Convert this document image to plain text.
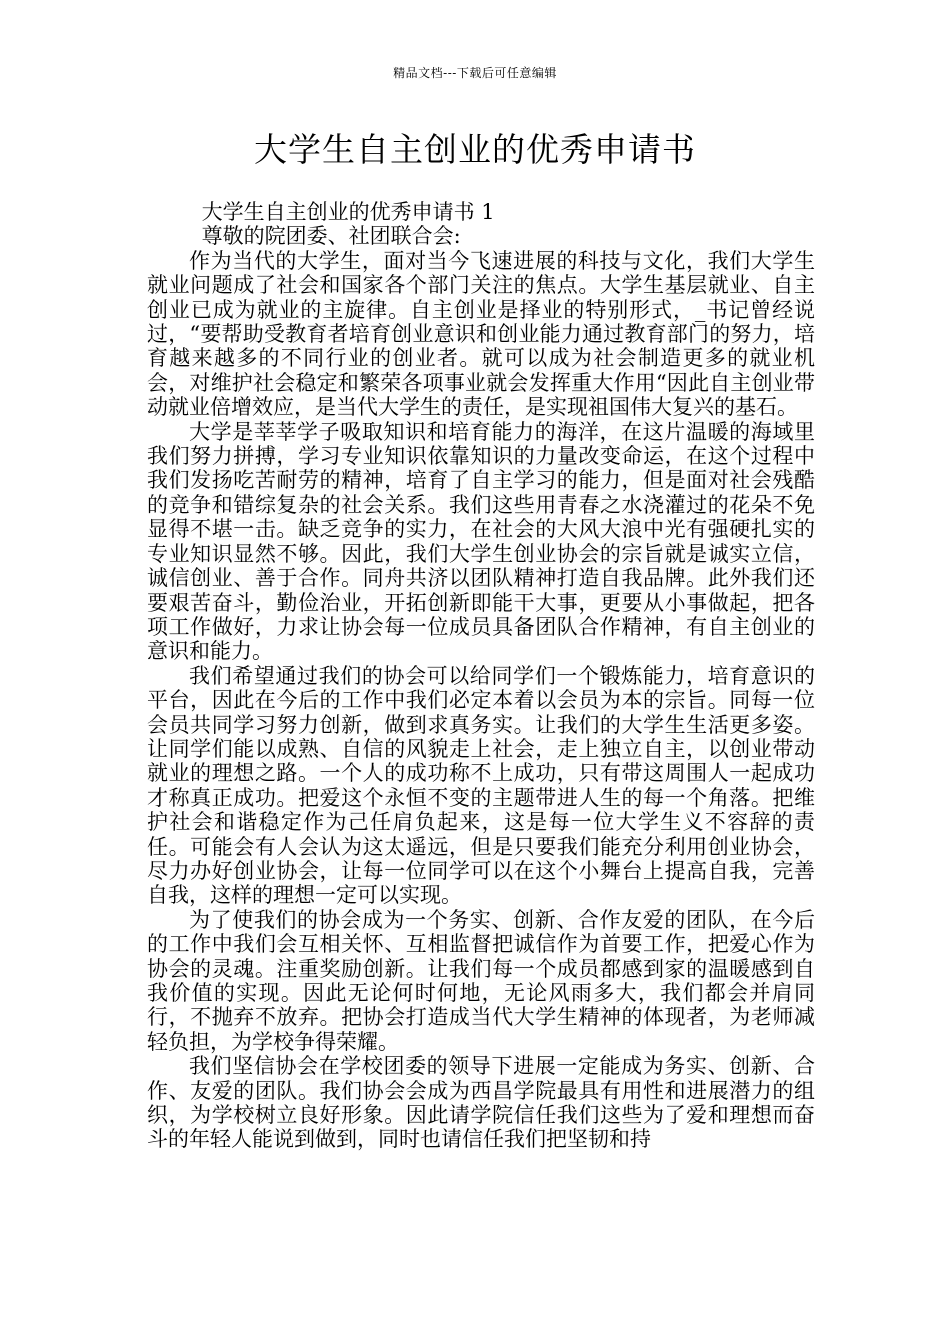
精品文档---下载后可任意编辑
大学生自主创业的优秀申请书

大学生自主创业的优秀申请书 1

尊敬的院团委、社团联合会:

作为当代的大学生，面对当今飞速进展的科技与文化，我们大学生就业问题成了社会和国家各个部门关注的焦点。大学生基层就业、自主创业已成为就业的主旋律。自主创业是择业的特别形式，_书记曾经说过，“要帮助受教育者培育创业意识和创业能力通过教育部门的努力，培育越来越多的不同行业的创业者。就可以成为社会制造更多的就业机会，对维护社会稳定和繁荣各项事业就会发挥重大作用“因此自主创业带动就业倍增效应，是当代大学生的责任，是实现祖国伟大复兴的基石。

大学是莘莘学子吸取知识和培育能力的海洋，在这片温暖的海域里我们努力拼搏，学习专业知识依靠知识的力量改变命运，在这个过程中我们发扬吃苦耐劳的精神，培育了自主学习的能力，但是面对社会残酷的竞争和错综复杂的社会关系。我们这些用青春之水浇灌过的花朵不免显得不堪一击。缺乏竞争的实力，在社会的大风大浪中光有强硬扎实的专业知识显然不够。因此，我们大学生创业协会的宗旨就是诚实立信，诚信创业、善于合作。同舟共济以团队精神打造自我品牌。此外我们还要艰苦奋斗，勤俭治业，开拓创新即能干大事，更要从小事做起，把各项工作做好，力求让协会每一位成员具备团队合作精神，有自主创业的意识和能力。

我们希望通过我们的协会可以给同学们一个锻炼能力，培育意识的平台，因此在今后的工作中我们必定本着以会员为本的宗旨。同每一位会员共同学习努力创新，做到求真务实。让我们的大学生生活更多姿。让同学们能以成熟、自信的风貌走上社会，走上独立自主，以创业带动就业的理想之路。一个人的成功称不上成功，只有带这周围人一起成功才称真正成功。把爱这个永恒不变的主题带进人生的每一个角落。把维护社会和谐稳定作为己任肩负起来，这是每一位大学生义不容辞的责任。可能会有人会认为这太遥远，但是只要我们能充分利用创业协会，尽力办好创业协会，让每一位同学可以在这个小舞台上提高自我，完善自我，这样的理想一定可以实现。

为了使我们的协会成为一个务实、创新、合作友爱的团队，在今后的工作中我们会互相关怀、互相监督把诚信作为首要工作，把爱心作为协会的灵魂。注重奖励创新。让我们每一个成员都感到家的温暖感到自我价值的实现。因此无论何时何地，无论风雨多大，我们都会并肩同行，不抛弃不放弃。把协会打造成当代大学生精神的体现者，为老师减轻负担，为学校争得荣耀。

我们坚信协会在学校团委的领导下进展一定能成为务实、创新、合作、友爱的团队。我们协会会成为西昌学院最具有用性和进展潜力的组织，为学校树立良好形象。因此请学院信任我们这些为了爱和理想而奋斗的年轻人能说到做到，同时也请信任我们把坚韧和持
